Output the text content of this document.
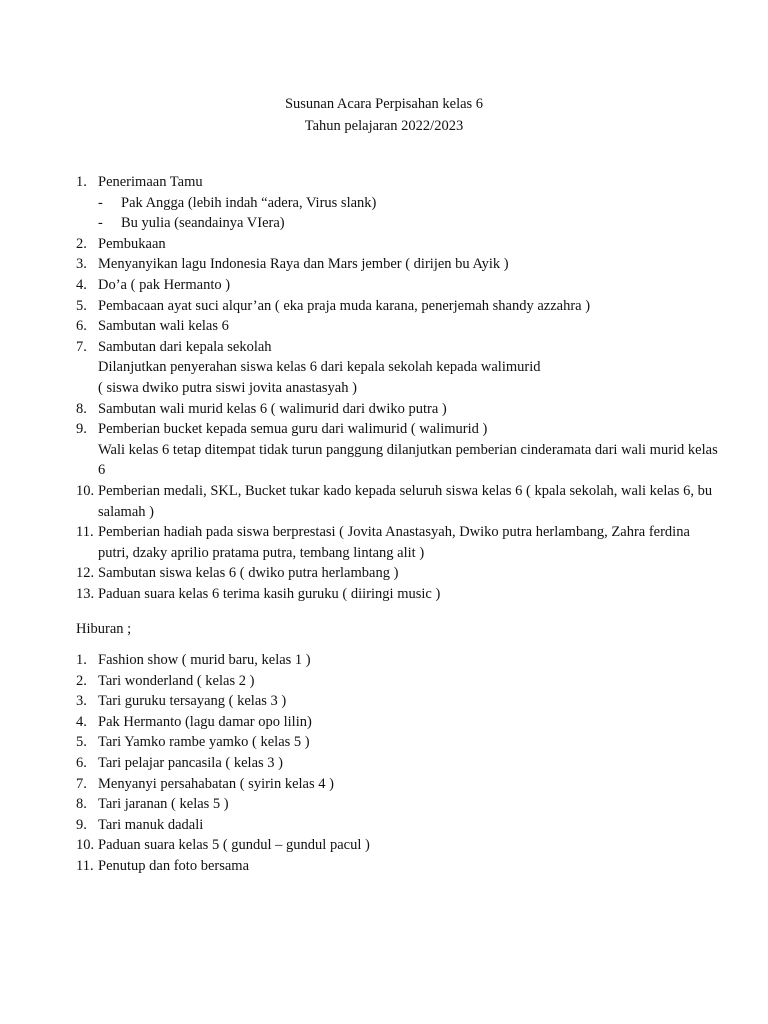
Susunan Acara Perpisahan kelas 6
Tahun pelajaran 2022/2023
1. Penerimaan Tamu
- Pak Angga (lebih indah “adera, Virus slank)
- Bu yulia (seandainya VIera)
2. Pembukaan
3. Menyanyikan lagu Indonesia Raya dan Mars jember ( dirijen bu Ayik )
4. Do’a ( pak Hermanto )
5. Pembacaan ayat suci alqur’an ( eka praja muda karana, penerjemah shandy azzahra )
6. Sambutan wali kelas 6
7. Sambutan dari kepala sekolah
Dilanjutkan penyerahan siswa kelas 6 dari kepala sekolah kepada walimurid
( siswa dwiko putra siswi jovita anastasyah )
8. Sambutan wali murid kelas 6 ( walimurid dari dwiko putra )
9. Pemberian bucket kepada semua guru dari walimurid ( walimurid )
Wali kelas 6 tetap ditempat tidak turun panggung dilanjutkan pemberian cinderamata dari wali murid kelas 6
10. Pemberian medali, SKL, Bucket tukar kado kepada seluruh siswa kelas 6 ( kpala sekolah, wali kelas 6, bu salamah )
11. Pemberian hadiah pada siswa berprestasi ( Jovita Anastasyah, Dwiko putra herlambang, Zahra ferdina putri, dzaky aprilio pratama putra, tembang lintang alit )
12. Sambutan siswa kelas 6 ( dwiko putra herlambang )
13. Paduan suara kelas 6 terima kasih guruku ( diiringi music )
Hiburan ;
1. Fashion show ( murid baru, kelas 1 )
2. Tari wonderland ( kelas 2 )
3. Tari guruku tersayang ( kelas 3 )
4. Pak Hermanto (lagu damar opo lilin)
5. Tari Yamko rambe yamko ( kelas 5 )
6. Tari pelajar pancasila ( kelas 3 )
7. Menyanyi persahabatan ( syirin kelas 4 )
8. Tari jaranan ( kelas 5 )
9. Tari manuk dadali
10. Paduan suara kelas 5 ( gundul – gundul pacul )
11. Penutup dan foto bersama
